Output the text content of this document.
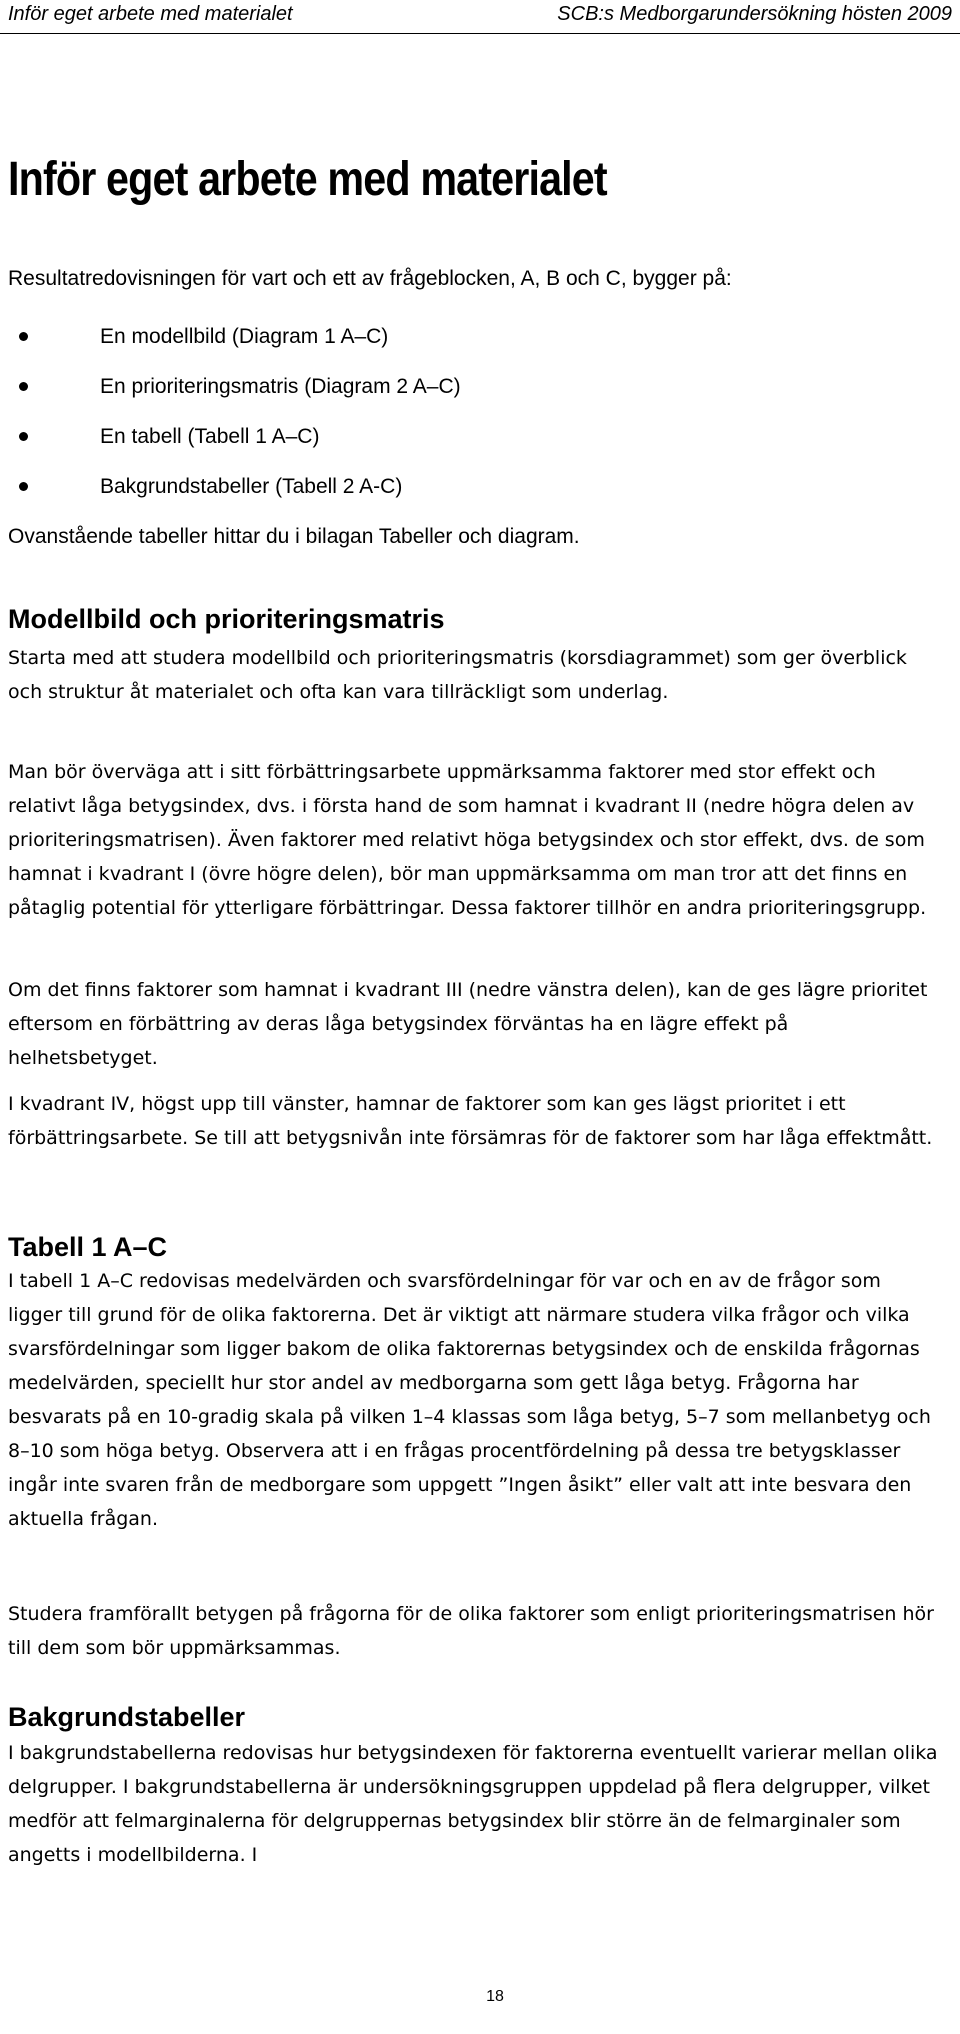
Inför eget arbete med materialet	SCB:s Medborgarundersökning hösten 2009
Inför eget arbete med materialet

Resultatredovisningen för vart och ett av frågeblocken, A, B och C, bygger på:

En modellbild (Diagram 1 A–C)
En prioriteringsmatris (Diagram 2 A–C)
En tabell (Tabell 1 A–C)
Bakgrundstabeller (Tabell 2 A-C)

Ovanstående tabeller hittar du i bilagan Tabeller och diagram.

Modellbild och prioriteringsmatris

Starta med att studera modellbild och prioriteringsmatris (korsdiagrammet) som ger överblick och struktur åt materialet och ofta kan vara tillräckligt som underlag.

Man bör överväga att i sitt förbättringsarbete uppmärksamma faktorer med stor effekt och relativt låga betygsindex, dvs. i första hand de som hamnat i kvadrant II (nedre högra delen av prioriteringsmatrisen). Även faktorer med relativt höga betygsindex och stor effekt, dvs. de som hamnat i kvadrant I (övre högre delen), bör man uppmärksamma om man tror att det finns en påtaglig potential för ytterligare förbättringar. Dessa faktorer tillhör en andra prioriteringsgrupp.

Om det finns faktorer som hamnat i kvadrant III (nedre vänstra delen), kan de ges lägre prioritet eftersom en förbättring av deras låga betygsindex förväntas ha en lägre effekt på helhetsbetyget.

I kvadrant IV, högst upp till vänster, hamnar de faktorer som kan ges lägst prioritet i ett förbättringsarbete. Se till att betygsnivån inte försämras för de faktorer som har låga effektmått.

Tabell 1 A–C

I tabell 1 A–C redovisas medelvärden och svarsfördelningar för var och en av de frågor som ligger till grund för de olika faktorerna. Det är viktigt att närmare studera vilka frågor och vilka svarsfördelningar som ligger bakom de olika faktorernas betygsindex och de enskilda frågornas medelvärden, speciellt hur stor andel av medborgarna som gett låga betyg. Frågorna har besvarats på en 10-gradig skala på vilken 1–4 klassas som låga betyg, 5–7 som mellanbetyg och 8–10 som höga betyg. Observera att i en frågas procentfördelning på dessa tre betygsklasser ingår inte svaren från de medborgare som uppgett ”Ingen åsikt” eller valt att inte besvara den aktuella frågan.

Studera framförallt betygen på frågorna för de olika faktorer som enligt prioriteringsmatrisen hör till dem som bör uppmärksammas.

Bakgrundstabeller

I bakgrundstabellerna redovisas hur betygsindexen för faktorerna eventuellt varierar mellan olika delgrupper. I bakgrundstabellerna är undersökningsgruppen uppdelad på flera delgrupper, vilket medför att felmarginalerna för delgruppernas betygsindex blir större än de felmarginaler som angetts i modellbilderna. I

18
